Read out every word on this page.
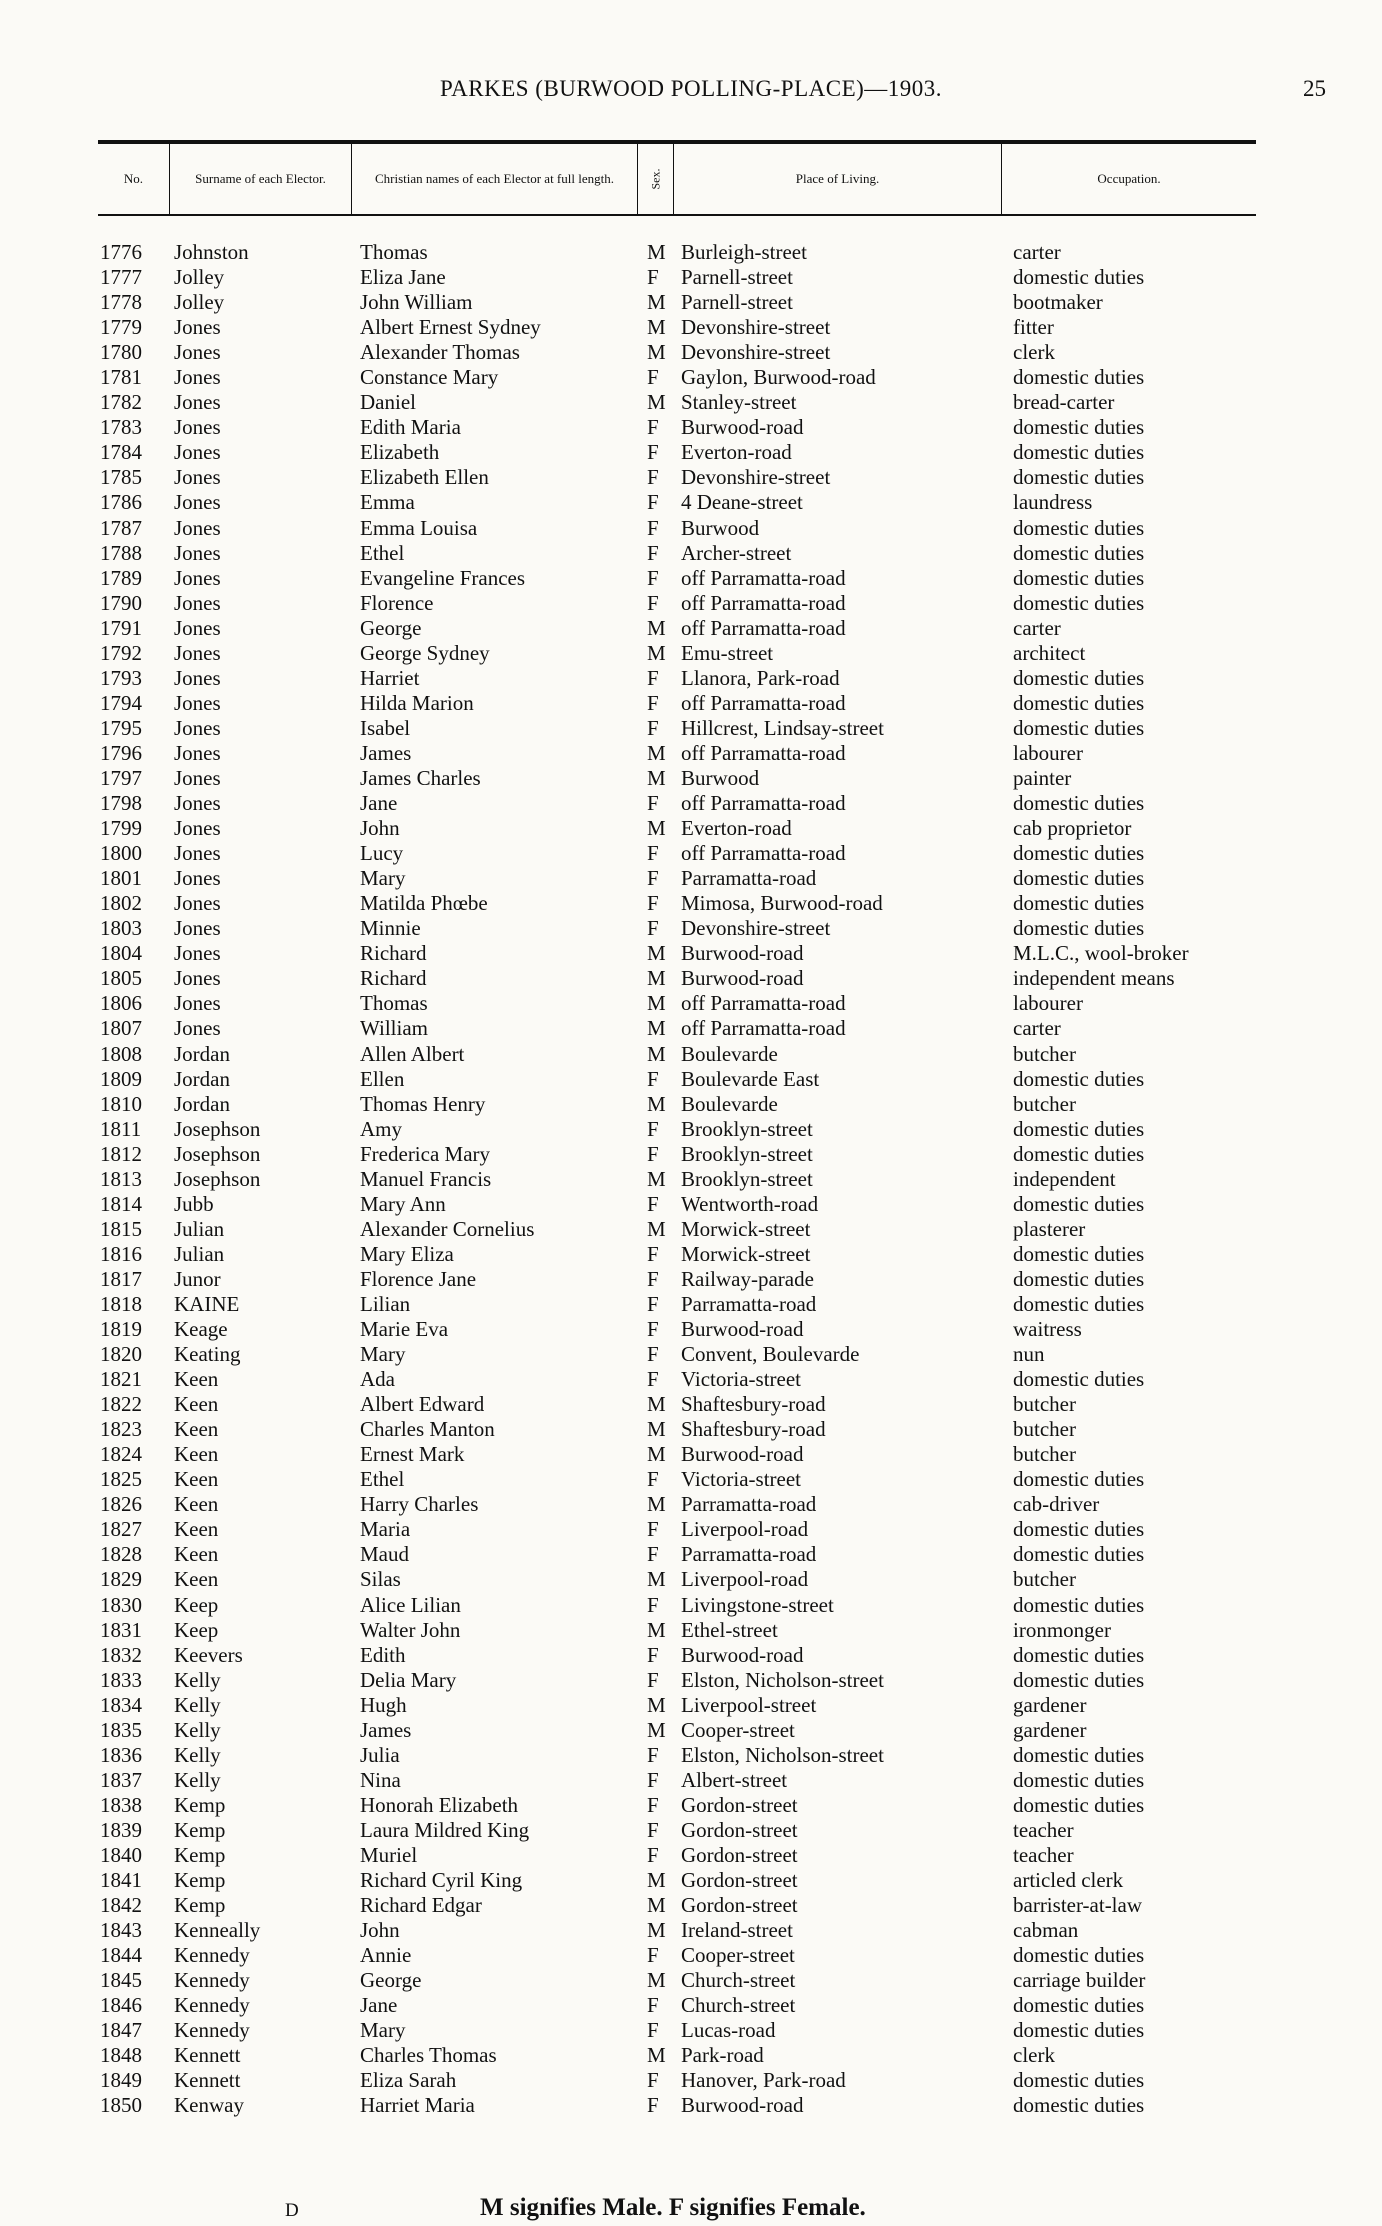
PARKES (BURWOOD POLLING-PLACE)—1903.	25
No.	Surname of each Elector.	Christian names of each Elector at full length.	Sex.	Place of Living.	Occupation.
1776	Johnston	Thomas	M Burleigh-street	carter
1777	Jolley	Eliza Jane	F Parnell-street	domestic duties
1778	Jolley	John William	M Parnell-street	bootmaker
1779	Jones	Albert Ernest Sydney	M Devonshire-street	fitter
1780	Jones	Alexander Thomas	M Devonshire-street	clerk
1781	Jones	Constance Mary	F Gaylon, Burwood-road	domestic duties
1782	Jones	Daniel	M Stanley-street	bread-carter
1783	Jones	Edith Maria	F Burwood-road	domestic duties
1784	Jones	Elizabeth	F Everton-road	domestic duties
1785	Jones	Elizabeth Ellen	F Devonshire-street	domestic duties
1786	Jones	Emma	F 4 Deane-street	laundress
1787	Jones	Emma Louisa	F Burwood	domestic duties
1788	Jones	Ethel	F Archer-street	domestic duties
1789	Jones	Evangeline Frances	F off Parramatta-road	domestic duties
1790	Jones	Florence	F off Parramatta-road	domestic duties
1791	Jones	George	M off Parramatta-road	carter
1792	Jones	George Sydney	M Emu-street	architect
1793	Jones	Harriet	F Llanora, Park-road	domestic duties
1794	Jones	Hilda Marion	F off Parramatta-road	domestic duties
1795	Jones	Isabel	F Hillcrest, Lindsay-street	domestic duties
1796	Jones	James	M off Parramatta-road	labourer
1797	Jones	James Charles	M Burwood	painter
1798	Jones	Jane	F off Parramatta-road	domestic duties
1799	Jones	John	M Everton-road	cab proprietor
1800	Jones	Lucy	F off Parramatta-road	domestic duties
1801	Jones	Mary	F Parramatta-road	domestic duties
1802	Jones	Matilda Phœbe	F Mimosa, Burwood-road	domestic duties
1803	Jones	Minnie	F Devonshire-street	domestic duties
1804	Jones	Richard	M Burwood-road	M.L.C., wool-broker
1805	Jones	Richard	M Burwood-road	independent means
1806	Jones	Thomas	M off Parramatta-road	labourer
1807	Jones	William	M off Parramatta-road	carter
1808	Jordan	Allen Albert	M Boulevarde	butcher
1809	Jordan	Ellen	F Boulevarde East	domestic duties
1810	Jordan	Thomas Henry	M Boulevarde	butcher
1811	Josephson	Amy	F Brooklyn-street	domestic duties
1812	Josephson	Frederica Mary	F Brooklyn-street	domestic duties
1813	Josephson	Manuel Francis	M Brooklyn-street	independent
1814	Jubb	Mary Ann	F Wentworth-road	domestic duties
1815	Julian	Alexander Cornelius	M Morwick-street	plasterer
1816	Julian	Mary Eliza	F Morwick-street	domestic duties
1817	Junor	Florence Jane	F Railway-parade	domestic duties
1818	KAINE	Lilian	F Parramatta-road	domestic duties
1819	Keage	Marie Eva	F Burwood-road	waitress
1820	Keating	Mary	F Convent, Boulevarde	nun
1821	Keen	Ada	F Victoria-street	domestic duties
1822	Keen	Albert Edward	M Shaftesbury-road	butcher
1823	Keen	Charles Manton	M Shaftesbury-road	butcher
1824	Keen	Ernest Mark	M Burwood-road	butcher
1825	Keen	Ethel	F Victoria-street	domestic duties
1826	Keen	Harry Charles	M Parramatta-road	cab-driver
1827	Keen	Maria	F Liverpool-road	domestic duties
1828	Keen	Maud	F Parramatta-road	domestic duties
1829	Keen	Silas	M Liverpool-road	butcher
1830	Keep	Alice Lilian	F Livingstone-street	domestic duties
1831	Keep	Walter John	M Ethel-street	ironmonger
1832	Keevers	Edith	F Burwood-road	domestic duties
1833	Kelly	Delia Mary	F Elston, Nicholson-street	domestic duties
1834	Kelly	Hugh	M Liverpool-street	gardener
1835	Kelly	James	M Cooper-street	gardener
1836	Kelly	Julia	F Elston, Nicholson-street	domestic duties
1837	Kelly	Nina	F Albert-street	domestic duties
1838	Kemp	Honorah Elizabeth	F Gordon-street	domestic duties
1839	Kemp	Laura Mildred King	F Gordon-street	teacher
1840	Kemp	Muriel	F Gordon-street	teacher
1841	Kemp	Richard Cyril King	M Gordon-street	articled clerk
1842	Kemp	Richard Edgar	M Gordon-street	barrister-at-law
1843	Kenneally	John	M Ireland-street	cabman
1844	Kennedy	Annie	F Cooper-street	domestic duties
1845	Kennedy	George	M Church-street	carriage builder
1846	Kennedy	Jane	F Church-street	domestic duties
1847	Kennedy	Mary	F Lucas-road	domestic duties
1848	Kennett	Charles Thomas	M Park-road	clerk
1849	Kennett	Eliza Sarah	F Hanover, Park-road	domestic duties
1850	Kenway	Harriet Maria	F Burwood-road	domestic duties
D	M signifies Male. F signifies Female.
